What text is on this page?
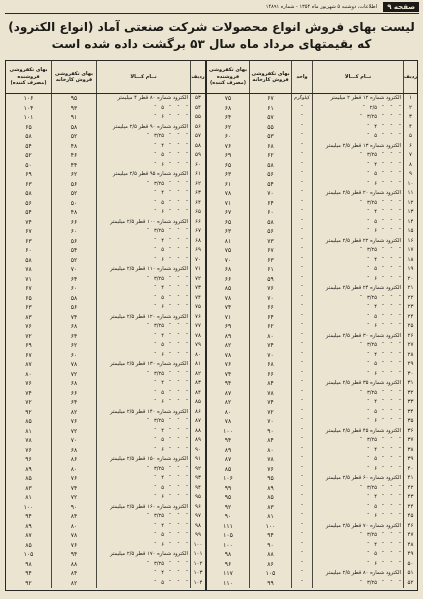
صفحه ۹
اطلاعات، دوشنبه ۵ شهریور ماه ۱۳۵۴ - شماره ۱۴۸۹۱
لیست بهای فروش انواع محصولات شرکت صنعتی آماد (انواع الکترود)
که بقیمتهای مرداد ماه سال ۵۳ برگشت داده شده است
ردیف
نــام کـــالا
واحد
بهای تکفروشی فروش کارخانه
بهای تکفروشی فروشنده (مصرف کننده)
۱
الکترود شماره ۱۲ قطر ۲ میلیمتر
کیلوگرم
۶۷
۷۵
۲
″    ″    ″   ۲/۵   ″
″
۶۱
۶۸
۳
″    ″    ″   ۳/۲۵   ″
″
۵۷
۶۴
۴
″    ″    ″   ۴   ″
″
۵۵
۶۲
۵
″    ″    ″   ۵   ″
″
۵۳
۶۰
۶
الکترود شماره ۱۳ قطر ۲/۵ میلیمتر
″
۶۸
۷۶
۷
″    ″    ″   ۳/۲۵   ″
″
۶۲
۶۹
۸
″    ″    ″   ۴   ″
″
۵۸
۶۵
۹
″    ″    ″   ۵   ″
″
۵۶
۶۳
۱۰
″    ″    ″   ۶   ″
″
۵۴
۶۱
۱۱
الکترود شماره ۲۰ قطر ۲/۵ میلیمتر
″
۷۰
۷۸
۱۲
″    ″    ″   ۳/۲۵   ″
″
۶۴
۷۱
۱۳
″    ″    ″   ۴   ″
″
۶۰
۶۷
۱۴
″    ″    ″   ۵   ″
″
۵۸
۶۵
۱۵
″    ″    ″   ۶   ″
″
۵۶
۶۳
۱۶
الکترود شماره ۲۲ قطر ۲/۵ میلیمتر
″
۷۳
۸۱
۱۷
″    ″    ″   ۳/۲۵   ″
″
۶۷
۷۵
۱۸
″    ″    ″   ۴   ″
″
۶۳
۷۰
۱۹
″    ″    ″   ۵   ″
″
۶۱
۶۸
۲۰
″    ″    ″   ۶   ″
″
۵۹
۶۶
۲۱
الکترود شماره ۲۴ قطر ۲/۵ میلیمتر
″
۷۶
۸۵
۲۲
″    ″    ″   ۳/۲۵   ″
″
۷۰
۷۸
۲۳
″    ″    ″   ۴   ″
″
۶۶
۷۴
۲۴
″    ″    ″   ۵   ″
″
۶۴
۷۱
۲۵
″    ″    ″   ۶   ″
″
۶۲
۶۹
۲۶
الکترود شماره ۳۰ قطر ۲/۵ میلیمتر
″
۸۰
۸۹
۲۷
″    ″    ″   ۳/۲۵   ″
″
۷۴
۸۲
۲۸
″    ″    ″   ۴   ″
″
۷۰
۷۸
۲۹
″    ″    ″   ۵   ″
″
۶۸
۷۶
۳۰
″    ″    ″   ۶   ″
″
۶۶
۷۴
۳۱
الکترود شماره ۳۵ قطر ۲/۵ میلیمتر
″
۸۴
۹۴
۳۲
″    ″    ″   ۳/۲۵   ″
″
۷۸
۸۷
۳۳
″    ″    ″   ۴   ″
″
۷۴
۸۲
۳۴
″    ″    ″   ۵   ″
″
۷۲
۸۰
۳۵
″    ″    ″   ۶   ″
″
۷۰
۷۸
۳۶
الکترود شماره ۴۵ قطر ۲/۵ میلیمتر
″
۹۰
۱۰۰
۳۷
″    ″    ″   ۳/۲۵   ″
″
۸۴
۹۴
۳۸
″    ″    ″   ۴   ″
″
۸۰
۸۹
۳۹
″    ″    ″   ۵   ″
″
۷۸
۸۷
۴۰
″    ″    ″   ۶   ″
″
۷۶
۸۵
۴۱
الکترود شماره ۶۰ قطر ۲/۵ میلیمتر
″
۹۵
۱۰۶
۴۲
″    ″    ″   ۳/۲۵   ″
″
۸۹
۹۹
۴۳
″    ″    ″   ۴   ″
″
۸۵
۹۵
۴۴
″    ″    ″   ۵   ″
″
۸۳
۹۲
۴۵
″    ″    ″   ۶   ″
″
۸۱
۹۰
۴۶
الکترود شماره ۷۰ قطر ۲/۵ میلیمتر
″
۱۰۰
۱۱۱
۴۷
″    ″    ″   ۳/۲۵   ″
″
۹۴
۱۰۵
۴۸
″    ″    ″   ۴   ″
″
۹۰
۱۰۰
۴۹
″    ″    ″   ۵   ″
″
۸۸
۹۸
۵۰
″    ″    ″   ۶   ″
″
۸۶
۹۶
۵۱
الکترود شماره ۸۰ قطر ۲/۵ میلیمتر
″
۱۰۵
۱۱۷
۵۲
″    ″    ″   ۳/۲۵   ″
″
۹۹
۱۱۰
ردیف
نــام کـــالا
بهای تکفروشی فروش کارخانه
بهای تکفروشی فروشنده (مصرف کننده)
۵۳
الکترود شماره ۸۰ قطر ۴ میلیمتر
۹۵
۱۰۶
۵۴
″    ″    ″   ۵   ″
۹۳
۱۰۴
۵۵
″    ″    ″   ۶   ″
۹۱
۱۰۱
۵۶
الکترود شماره ۹۰ قطر ۲/۵ میلیمتر
۵۸
۶۵
۵۷
″    ″    ″   ۳/۲۵   ″
۵۲
۵۸
۵۸
″    ″    ″   ۴   ″
۴۸
۵۴
۵۹
″    ″    ″   ۵   ″
۴۶
۵۲
۶۰
″    ″    ″   ۶   ″
۴۴
۵۰
۶۱
الکترود شماره ۹۵ قطر ۲/۵ میلیمتر
۶۲
۶۹
۶۲
″    ″    ″   ۳/۲۵   ″
۵۶
۶۳
۶۳
″    ″    ″   ۴   ″
۵۲
۵۸
۶۴
″    ″    ″   ۵   ″
۵۰
۵۶
۶۵
″    ″    ″   ۶   ″
۴۸
۵۴
۶۶
الکترود شماره ۱۰۰ قطر ۲/۵ میلیمتر
۶۶
۷۴
۶۷
″    ″    ″   ۳/۲۵   ″
۶۰
۶۷
۶۸
″    ″    ″   ۴   ″
۵۶
۶۳
۶۹
″    ″    ″   ۵   ″
۵۴
۶۰
۷۰
″    ″    ″   ۶   ″
۵۲
۵۸
۷۱
الکترود شماره ۱۱۰ قطر ۲/۵ میلیمتر
۷۰
۷۸
۷۲
″    ″    ″   ۳/۲۵   ″
۶۴
۷۱
۷۳
″    ″    ″   ۴   ″
۶۰
۶۷
۷۴
″    ″    ″   ۵   ″
۵۸
۶۵
۷۵
″    ″    ″   ۶   ″
۵۶
۶۳
۷۶
الکترود شماره ۱۲۰ قطر ۲/۵ میلیمتر
۷۴
۸۳
۷۷
″    ″    ″   ۳/۲۵   ″
۶۸
۷۶
۷۸
″    ″    ″   ۴   ″
۶۴
۷۲
۷۹
″    ″    ″   ۵   ″
۶۲
۶۹
۸۰
″    ″    ″   ۶   ″
۶۰
۶۷
۸۱
الکترود شماره ۱۳۰ قطر ۲/۵ میلیمتر
۷۸
۸۷
۸۲
″    ″    ″   ۳/۲۵   ″
۷۲
۸۰
۸۳
″    ″    ″   ۴   ″
۶۸
۷۶
۸۴
″    ″    ″   ۵   ″
۶۶
۷۴
۸۵
″    ″    ″   ۶   ″
۶۴
۷۲
۸۶
الکترود شماره ۱۴۰ قطر ۲/۵ میلیمتر
۸۲
۹۲
۸۷
″    ″    ″   ۳/۲۵   ″
۷۶
۸۵
۸۸
″    ″    ″   ۴   ″
۷۲
۸۱
۸۹
″    ″    ″   ۵   ″
۷۰
۷۸
۹۰
″    ″    ″   ۶   ″
۶۸
۷۶
۹۱
الکترود شماره ۱۵۰ قطر ۲/۵ میلیمتر
۸۶
۹۶
۹۲
″    ″    ″   ۳/۲۵   ″
۸۰
۸۹
۹۳
″    ″    ″   ۴   ″
۷۶
۸۵
۹۴
″    ″    ″   ۵   ″
۷۴
۸۳
۹۵
″    ″    ″   ۶   ″
۷۲
۸۱
۹۶
الکترود شماره ۱۶۰ قطر ۲/۵ میلیمتر
۹۰
۱۰۰
۹۷
″    ″    ″   ۳/۲۵   ″
۸۴
۹۴
۹۸
″    ″    ″   ۴   ″
۸۰
۸۹
۹۹
″    ″    ″   ۵   ″
۷۸
۸۷
۱۰۰
″    ″    ″   ۶   ″
۷۶
۸۵
۱۰۱
الکترود شماره ۱۷۰ قطر ۲/۵ میلیمتر
۹۴
۱۰۵
۱۰۲
″    ″    ″   ۳/۲۵   ″
۸۸
۹۸
۱۰۳
″    ″    ″   ۴   ″
۸۴
۹۴
۱۰۴
″    ″    ″   ۵   ″
۸۲
۹۲
